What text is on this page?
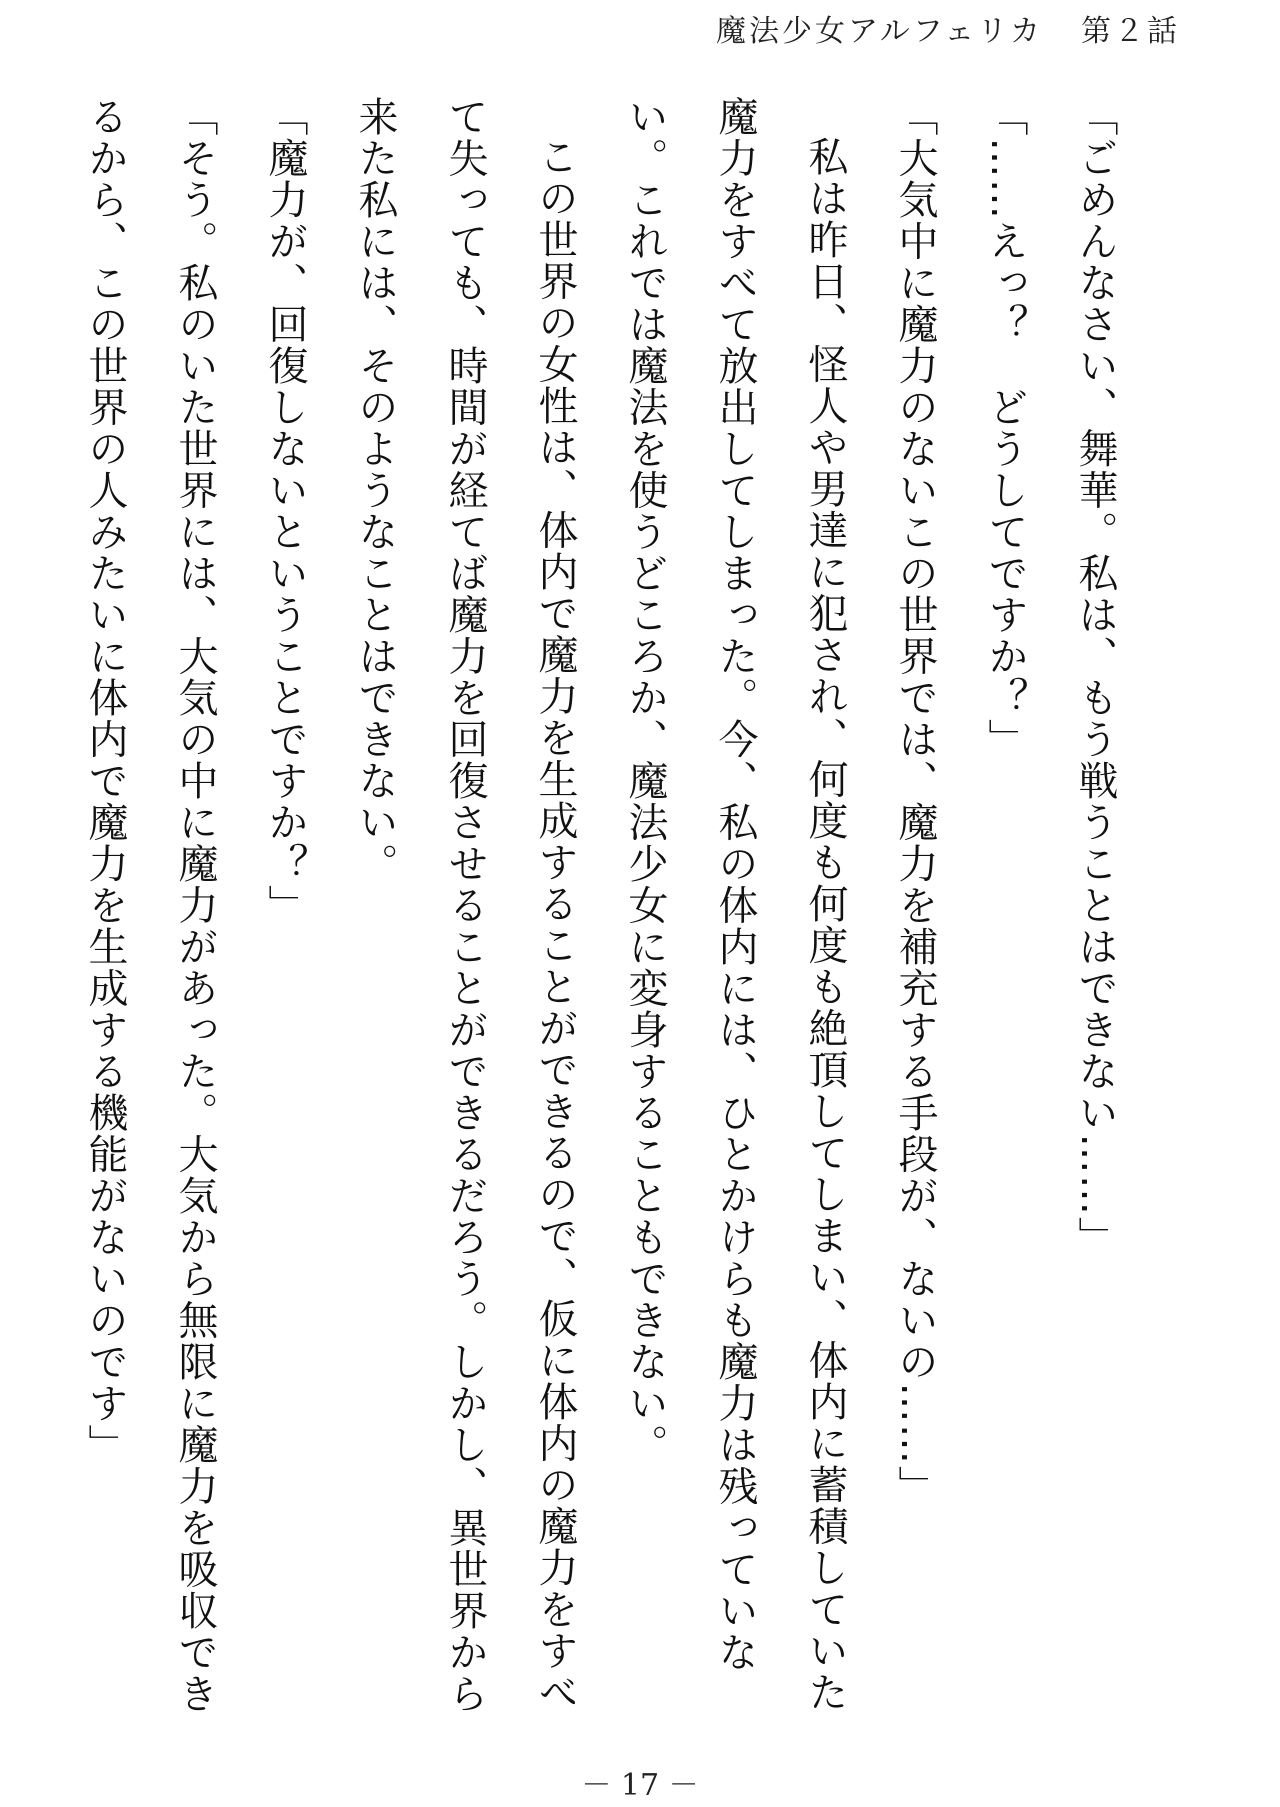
魔法少女アルフェリカ 第２話

「ごめんなさい、舞華。私は、もう戦うことはできない……」

「……えっ？　どうしてですか？」

「大気中に魔力のないこの世界では、魔力を補充する手段が、ないの……」

私は昨日、怪人や男達に犯され、何度も何度も絶頂してしまい、体内に蓄積していた魔力をすべて放出してしまった。今、私の体内には、ひとかけらも魔力は残っていない。これでは魔法を使うどころか、魔法少女に変身することもできない。

この世界の女性は、体内で魔力を生成することができるので、仮に体内の魔力をすべて失っても、時間が経てば魔力を回復させることができるだろう。しかし、異世界から来た私には、そのようなことはできない。

「魔力が、回復しないということですか？」

「そう。私のいた世界には、大気の中に魔力があった。大気から無限に魔力を吸収できるから、この世界の人みたいに体内で魔力を生成する機能がないのです」

－ 17 －
